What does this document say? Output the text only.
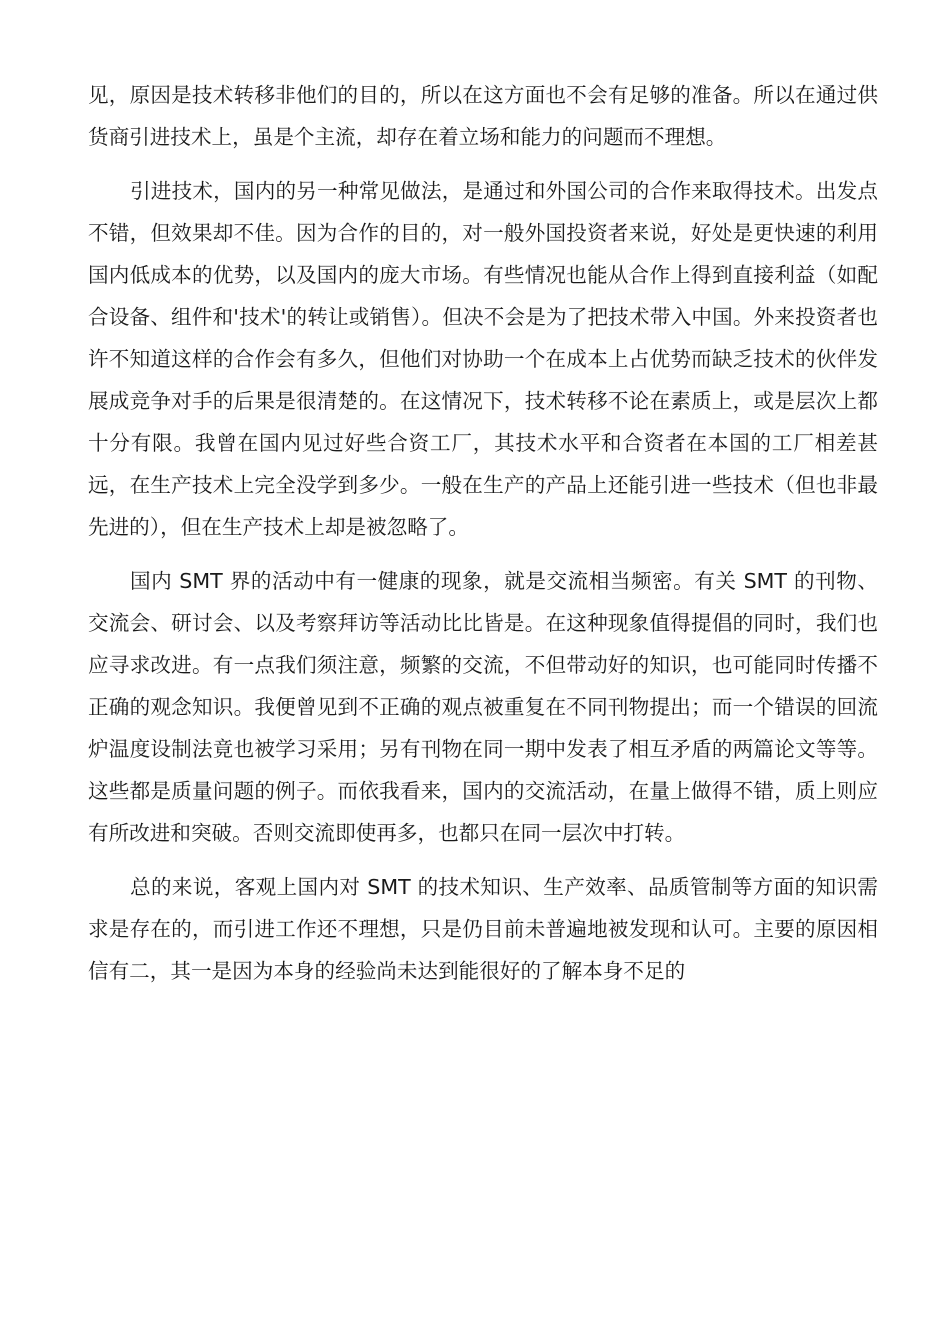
见，原因是技术转移非他们的目的，所以在这方面也不会有足够的准备。所以在通过供货商引进技术上，虽是个主流，却存在着立场和能力的问题而不理想。

引进技术，国内的另一种常见做法，是通过和外国公司的合作来取得技术。出发点不错，但效果却不佳。因为合作的目的，对一般外国投资者来说，好处是更快速的利用国内低成本的优势，以及国内的庞大市场。有些情况也能从合作上得到直接利益（如配合设备、组件和'技术'的转让或销售）。但决不会是为了把技术带入中国。外来投资者也许不知道这样的合作会有多久，但他们对协助一个在成本上占优势而缺乏技术的伙伴发展成竞争对手的后果是很清楚的。在这情况下，技术转移不论在素质上，或是层次上都十分有限。我曾在国内见过好些合资工厂，其技术水平和合资者在本国的工厂相差甚远，在生产技术上完全没学到多少。一般在生产的产品上还能引进一些技术（但也非最先进的），但在生产技术上却是被忽略了。

国内 SMT 界的活动中有一健康的现象，就是交流相当频密。有关 SMT 的刊物、交流会、研讨会、以及考察拜访等活动比比皆是。在这种现象值得提倡的同时，我们也应寻求改进。有一点我们须注意，频繁的交流，不但带动好的知识，也可能同时传播不正确的观念知识。我便曾见到不正确的观点被重复在不同刊物提出；而一个错误的回流炉温度设制法竟也被学习采用；另有刊物在同一期中发表了相互矛盾的两篇论文等等。这些都是质量问题的例子。而依我看来，国内的交流活动，在量上做得不错，质上则应有所改进和突破。否则交流即使再多，也都只在同一层次中打转。

总的来说，客观上国内对 SMT 的技术知识、生产效率、品质管制等方面的知识需求是存在的，而引进工作还不理想，只是仍目前未普遍地被发现和认可。主要的原因相信有二，其一是因为本身的经验尚未达到能很好的了解本身不足的
